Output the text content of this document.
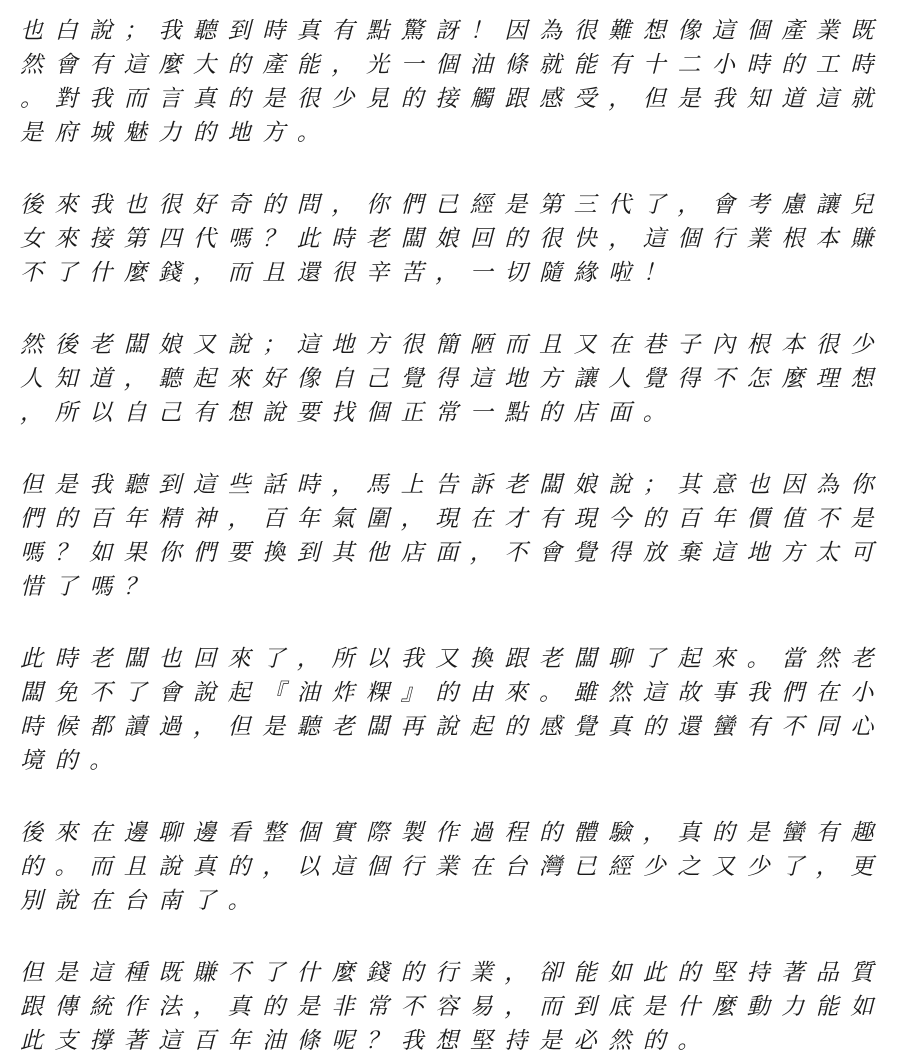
也白說；我聽到時真有點驚訝！因為很難想像這個產業既
然會有這麼大的產能，光一個油條就能有十二小時的工時
。對我而言真的是很少見的接觸跟感受，但是我知道這就
是府城魅力的地方。
後來我也很好奇的問，你們已經是第三代了，會考慮讓兒
女來接第四代嗎？此時老闆娘回的很快，這個行業根本賺
不了什麼錢，而且還很辛苦，一切隨緣啦！
然後老闆娘又說；這地方很簡陋而且又在巷子內根本很少
人知道，聽起來好像自己覺得這地方讓人覺得不怎麼理想
，所以自己有想說要找個正常一點的店面。
但是我聽到這些話時，馬上告訴老闆娘說；其意也因為你
們的百年精神，百年氣圍，現在才有現今的百年價值不是
嗎？如果你們要換到其他店面，不會覺得放棄這地方太可
惜了嗎？
此時老闆也回來了，所以我又換跟老闆聊了起來。當然老
闆免不了會說起『油炸粿』的由來。雖然這故事我們在小
時候都讀過，但是聽老闆再說起的感覺真的還蠻有不同心
境的。
後來在邊聊邊看整個實際製作過程的體驗，真的是蠻有趣
的。而且說真的，以這個行業在台灣已經少之又少了，更
別說在台南了。
但是這種既賺不了什麼錢的行業，卻能如此的堅持著品質
跟傳統作法，真的是非常不容易，而到底是什麼動力能如
此支撐著這百年油條呢？我想堅持是必然的。
